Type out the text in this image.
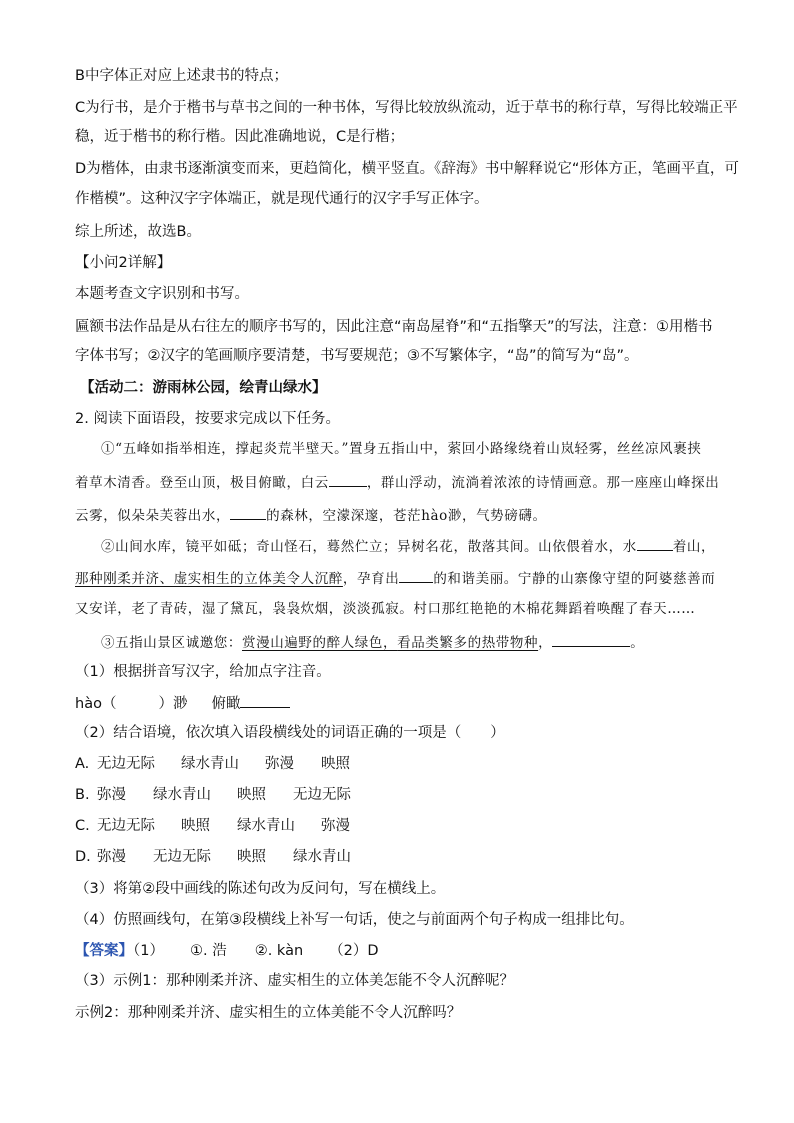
B中字体正对应上述隶书的特点；
C为行书，是介于楷书与草书之间的一种书体，写得比较放纵流动，近于草书的称行草，写得比较端正平
稳，近于楷书的称行楷。因此准确地说，C是行楷；
D为楷体，由隶书逐渐演变而来，更趋简化，横平竖直。《辞海》书中解释说它“形体方正，笔画平直，可
作楷模”。这种汉字字体端正，就是现代通行的汉字手写正体字。
综上所述，故选B。
【小问2详解】
本题考查文字识别和书写。
匾额书法作品是从右往左的顺序书写的，因此注意“南岛屋脊”和“五指擎天”的写法，注意：①用楷书
字体书写；②汉字的笔画顺序要清楚，书写要规范；③不写繁体字，“岛”的简写为“岛”。
【活动二：游雨林公园，绘青山绿水】
2. 阅读下面语段，按要求完成以下任务。
①“五峰如指举相连，撑起炎荒半壁天。”置身五指山中，萦回小路缘绕着山岚轻雾，丝丝凉风裹挟
着草木清香。登至山顶，极目俯瞰，白云	，群山浮动，流淌着浓浓的诗情画意。那一座座山峰探出
云雾，似朵朵芙蓉出水，	的森林，空濛深邃，苍茫hào渺，气势磅礴。
②山间水库，镜平如砥；奇山怪石，蓦然伫立；异树名花，散落其间。山依偎着水，水	着山，
那种刚柔并济、虚实相生的立体美令人沉醉，孕育出	的和谐美丽。宁静的山寨像守望的阿婆慈善而
又安详，老了青砖，湿了黛瓦，袅袅炊烟，淡淡孤寂。村口那红艳艳的木棉花舞蹈着唤醒了春天……
③五指山景区诚邀您：赏漫山遍野的醉人绿色，看品类繁多的热带物种，	。
（1）根据拼音写汉字，给加点字注音。
hào（	）渺 俯瞰
（2）结合语境，依次填入语段横线处的词语正确的一项是（　　）
A. 无边无际 绿水青山 弥漫 映照
B. 弥漫 绿水青山 映照 无边无际
C. 无边无际 映照 绿水青山 弥漫
D. 弥漫 无边无际 映照 绿水青山
（3）将第②段中画线的陈述句改为反问句，写在横线上。
（4）仿照画线句，在第③段横线上补写一句话，使之与前面两个句子构成一组排比句。
【答案】（1） ①. 浩 ②. kàn （2）D
（3）示例1：那种刚柔并济、虚实相生的立体美怎能不令人沉醉呢？
示例2：那种刚柔并济、虚实相生的立体美能不令人沉醉吗？
